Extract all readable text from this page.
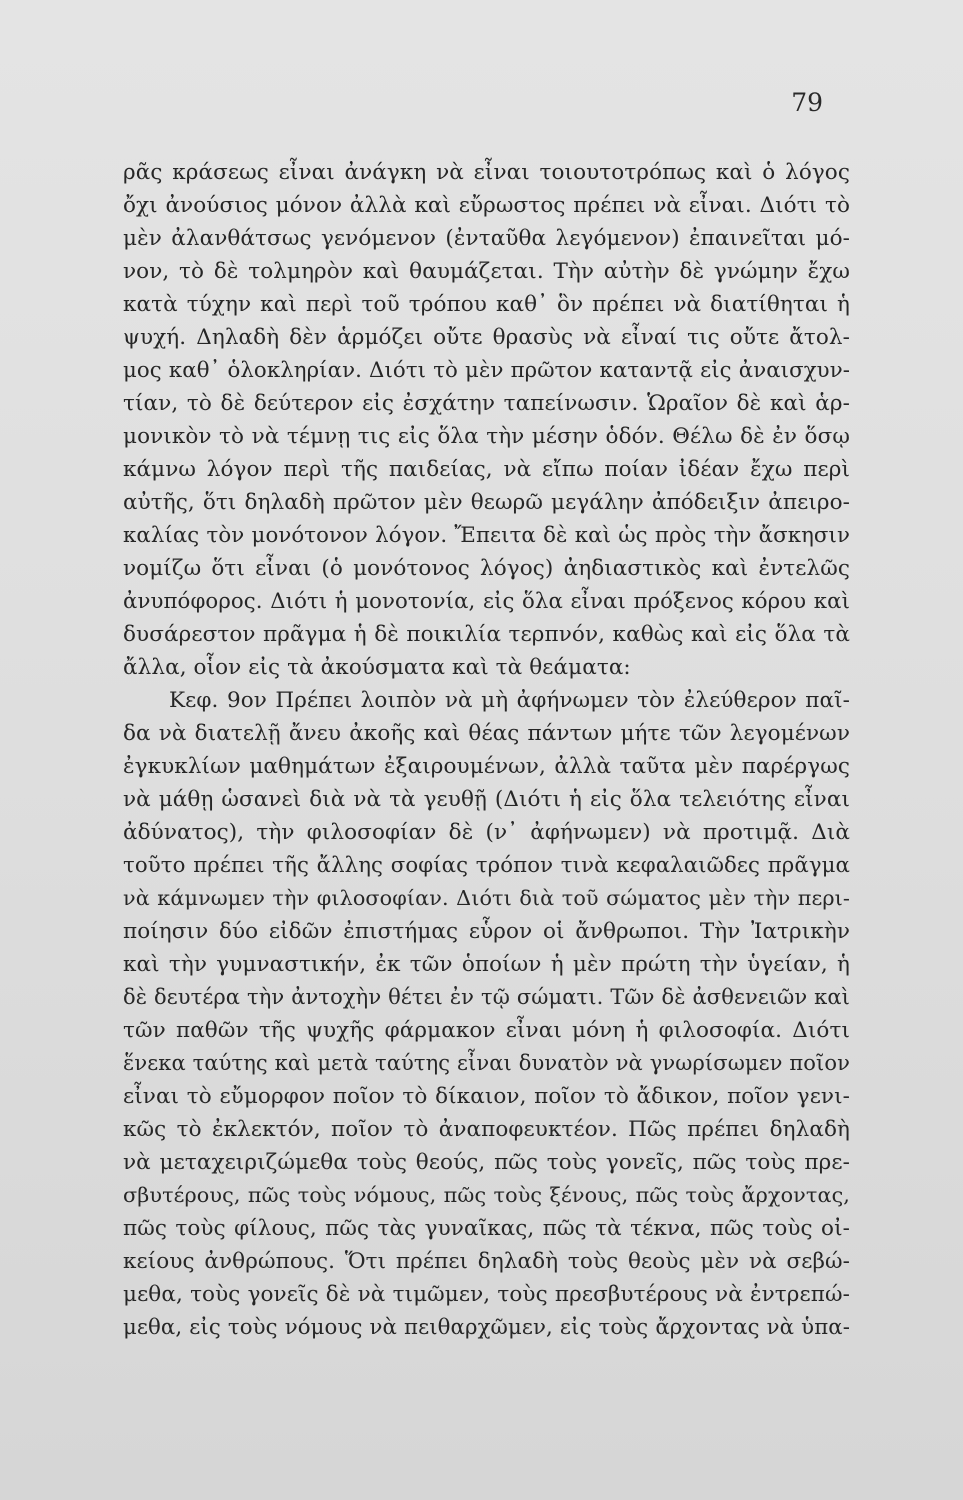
79
ρᾶς κράσεως εἶναι ἀνάγκη νὰ εἶναι τοιουτοτρόπως καὶ ὁ λόγος
ὄχι ἀνούσιος μόνον ἀλλὰ καὶ εὔρωστος πρέπει νὰ εἶναι. Διότι τὸ
μὲν ἀλανθάτσως γενόμενον (ἐνταῦθα λεγόμενον) ἐπαινεῖται μό-
νον, τὸ δὲ τολμηρὸν καὶ θαυμάζεται. Τὴν αὐτὴν δὲ γνώμην ἔχω
κατὰ τύχην καὶ περὶ τοῦ τρόπου καθ᾽ ὃν πρέπει νὰ διατίθηται ἡ
ψυχή. Δηλαδὴ δὲν ἁρμόζει οὔτε θρασὺς νὰ εἶναί τις οὔτε ἄτολ-
μος καθ᾽ ὁλοκληρίαν. Διότι τὸ μὲν πρῶτον καταντᾷ εἰς ἀναισχυν-
τίαν, τὸ δὲ δεύτερον εἰς ἐσχάτην ταπείνωσιν. Ὡραῖον δὲ καὶ ἁρ-
μονικὸν τὸ νὰ τέμνῃ τις εἰς ὅλα τὴν μέσην ὁδόν. Θέλω δὲ ἐν ὅσῳ
κάμνω λόγον περὶ τῆς παιδείας, νὰ εἴπω ποίαν ἰδέαν ἔχω περὶ
αὐτῆς, ὅτι δηλαδὴ πρῶτον μὲν θεωρῶ μεγάλην ἀπόδειξιν ἀπειρο-
καλίας τὸν μονότονον λόγον. Ἔπειτα δὲ καὶ ὡς πρὸς τὴν ἄσκησιν
νομίζω ὅτι εἶναι (ὁ μονότονος λόγος) ἀηδιαστικὸς καὶ ἐντελῶς
ἀνυπόφορος. Διότι ἡ μονοτονία, εἰς ὅλα εἶναι πρόξενος κόρου καὶ
δυσάρεστον πρᾶγμα ἡ δὲ ποικιλία τερπνόν, καθὼς καὶ εἰς ὅλα τὰ
ἄλλα, οἷον εἰς τὰ ἀκούσματα καὶ τὰ θεάματα:
Κεφ. 9ον Πρέπει λοιπὸν νὰ μὴ ἀφήνωμεν τὸν ἐλεύθερον παῖ-
δα νὰ διατελῇ ἄνευ ἀκοῆς καὶ θέας πάντων μήτε τῶν λεγομένων
ἐγκυκλίων μαθημάτων ἐξαιρουμένων, ἀλλὰ ταῦτα μὲν παρέργως
νὰ μάθῃ ὡσανεὶ διὰ νὰ τὰ γευθῇ (Διότι ἡ εἰς ὅλα τελειότης εἶναι
ἀδύνατος), τὴν φιλοσοφίαν δὲ (ν᾽ ἀφήνωμεν) νὰ προτιμᾷ. Διὰ
τοῦτο πρέπει τῆς ἄλλης σοφίας τρόπον τινὰ κεφαλαιῶδες πρᾶγμα
νὰ κάμνωμεν τὴν φιλοσοφίαν. Διότι διὰ τοῦ σώματος μὲν τὴν περι-
ποίησιν δύο εἰδῶν ἐπιστήμας εὗρον οἱ ἄνθρωποι. Τὴν Ἰατρικὴν
καὶ τὴν γυμναστικήν, ἐκ τῶν ὁποίων ἡ μὲν πρώτη τὴν ὑγείαν, ἡ
δὲ δευτέρα τὴν ἀντοχὴν θέτει ἐν τῷ σώματι. Τῶν δὲ ἀσθενειῶν καὶ
τῶν παθῶν τῆς ψυχῆς φάρμακον εἶναι μόνη ἡ φιλοσοφία. Διότι
ἕνεκα ταύτης καὶ μετὰ ταύτης εἶναι δυνατὸν νὰ γνωρίσωμεν ποῖον
εἶναι τὸ εὔμορφον ποῖον τὸ δίκαιον, ποῖον τὸ ἄδικον, ποῖον γενι-
κῶς τὸ ἐκλεκτόν, ποῖον τὸ ἀναποφευκτέον. Πῶς πρέπει δηλαδὴ
νὰ μεταχειριζώμεθα τοὺς θεούς, πῶς τοὺς γονεῖς, πῶς τοὺς πρε-
σβυτέρους, πῶς τοὺς νόμους, πῶς τοὺς ξένους, πῶς τοὺς ἄρχοντας,
πῶς τοὺς φίλους, πῶς τὰς γυναῖκας, πῶς τὰ τέκνα, πῶς τοὺς οἰ-
κείους ἀνθρώπους. Ὅτι πρέπει δηλαδὴ τοὺς θεοὺς μὲν νὰ σεβώ-
μεθα, τοὺς γονεῖς δὲ νὰ τιμῶμεν, τοὺς πρεσβυτέρους νὰ ἐντρεπώ-
μεθα, εἰς τοὺς νόμους νὰ πειθαρχῶμεν, εἰς τοὺς ἄρχοντας νὰ ὑπα-
